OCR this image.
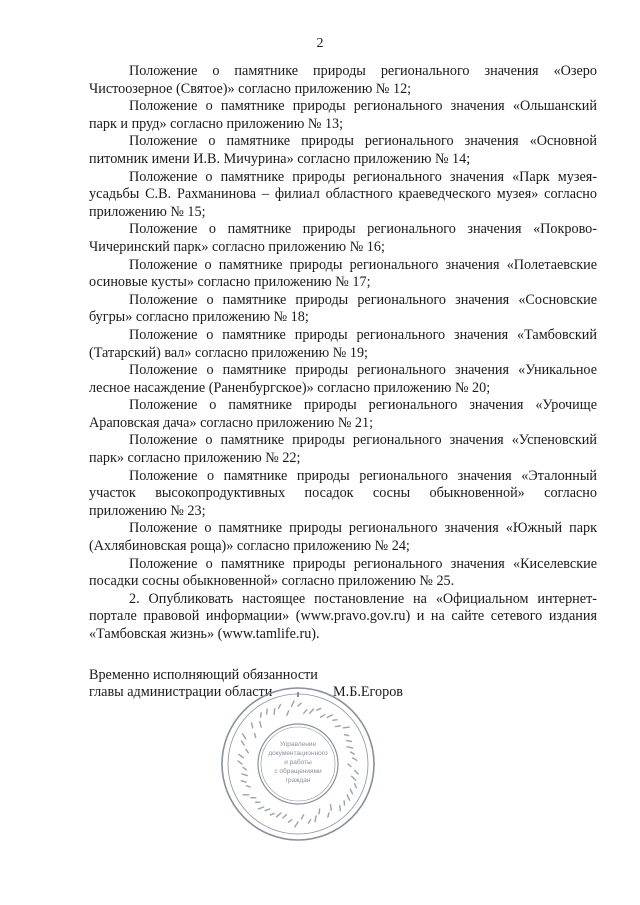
2

Положение о памятнике природы регионального значения «Озеро Чистоозерное (Святое)» согласно приложению № 12;

Положение о памятнике природы регионального значения «Ольшанский парк и пруд» согласно приложению № 13;

Положение о памятнике природы регионального значения «Основной питомник имени И.В. Мичурина» согласно приложению № 14;

Положение о памятнике природы регионального значения «Парк музея-усадьбы С.В. Рахманинова – филиал областного краеведческого музея» согласно приложению № 15;

Положение о памятнике природы регионального значения «Покрово-Чичеринский парк» согласно приложению № 16;

Положение о памятнике природы регионального значения «Полетаевские осиновые кусты» согласно приложению № 17;

Положение о памятнике природы регионального значения «Сосновские бугры» согласно приложению № 18;

Положение о памятнике природы регионального значения «Тамбовский (Татарский) вал» согласно приложению № 19;

Положение о памятнике природы регионального значения «Уникальное лесное насаждение (Раненбургское)» согласно приложению № 20;

Положение о памятнике природы регионального значения «Урочище Араповская дача» согласно приложению № 21;

Положение о памятнике природы регионального значения «Успеновский парк» согласно приложению № 22;

Положение о памятнике природы регионального значения «Эталонный участок высокопродуктивных посадок сосны обыкновенной» согласно приложению № 23;

Положение о памятнике природы регионального значения «Южный парк (Ахлябиновская роща)» согласно приложению № 24;

Положение о памятнике природы регионального значения «Киселевские посадки сосны обыкновенной» согласно приложению № 25.

2. Опубликовать настоящее постановление на «Официальном интернет-портале правовой информации» (www.pravo.gov.ru) и на сайте сетевого издания «Тамбовская жизнь» (www.tamlife.ru).

Временно исполняющий обязанности
главы администрации области	М.Б.Егоров
Управление
документационного
и работы
с обращениями
граждан
